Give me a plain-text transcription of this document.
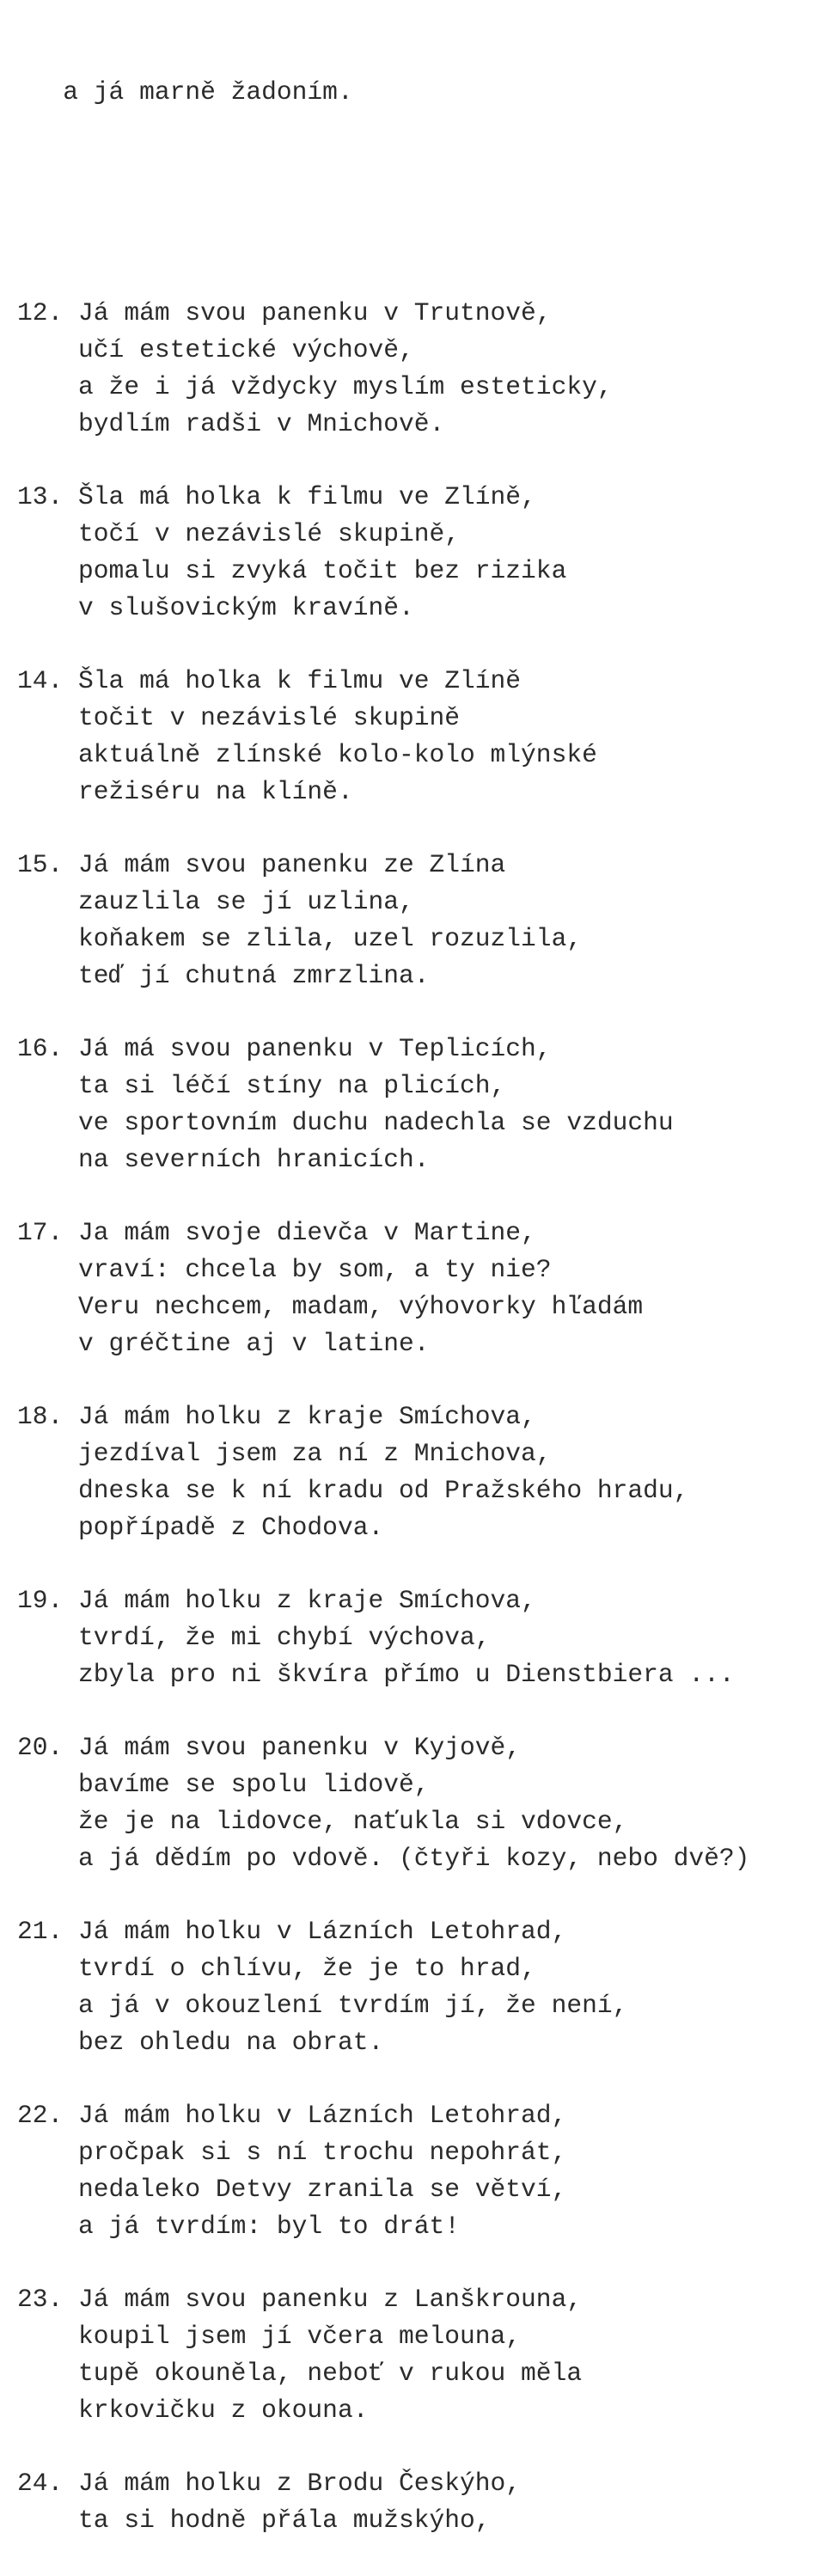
a já marně žadoním.

12. Já mám svou panenku v Trutnově,
učí estetické výchově,
a že i já vždycky myslím esteticky,
bydlím radši v Mnichově.
13. Šla má holka k filmu ve Zlíně,
točí v nezávislé skupině,
pomalu si zvyká točit bez rizika
v slušovickým kravíně.
14. Šla má holka k filmu ve Zlíně
točit v nezávislé skupině
aktuálně zlínské kolo-kolo mlýnské
režiséru na klíně.
15. Já mám svou panenku ze Zlína
zauzlila se jí uzlina,
koňakem se zlila, uzel rozuzlila,
teď jí chutná zmrzlina.
16. Já má svou panenku v Teplicích,
ta si léčí stíny na plicích,
ve sportovním duchu nadechla se vzduchu
na severních hranicích.
17. Ja mám svoje dievča v Martine,
vraví: chcela by som, a ty nie?
Veru nechcem, madam, výhovorky hľadám
v gréčtine aj v latine.
18. Já mám holku z kraje Smíchova,
jezdíval jsem za ní z Mnichova,
dneska se k ní kradu od Pražského hradu,
popřípadě z Chodova.
19. Já mám holku z kraje Smíchova,
tvrdí, že mi chybí výchova,
zbyla pro ni škvíra přímo u Dienstbiera ...
20. Já mám svou panenku v Kyjově,
bavíme se spolu lidově,
že je na lidovce, naťukla si vdovce,
a já dědím po vdově. (čtyři kozy, nebo dvě?)
21. Já mám holku v Lázních Letohrad,
tvrdí o chlívu, že je to hrad,
a já v okouzlení tvrdím jí, že není,
bez ohledu na obrat.
22. Já mám holku v Lázních Letohrad,
pročpak si s ní trochu nepohrát,
nedaleko Detvy zranila se větví,
a já tvrdím: byl to drát!
23. Já mám svou panenku z Lanškrouna,
koupil jsem jí včera melouna,
tupě okouněla, neboť v rukou měla
krkovičku z okouna.
24. Já mám holku z Brodu Českýho,
ta si hodně přála mužskýho,
